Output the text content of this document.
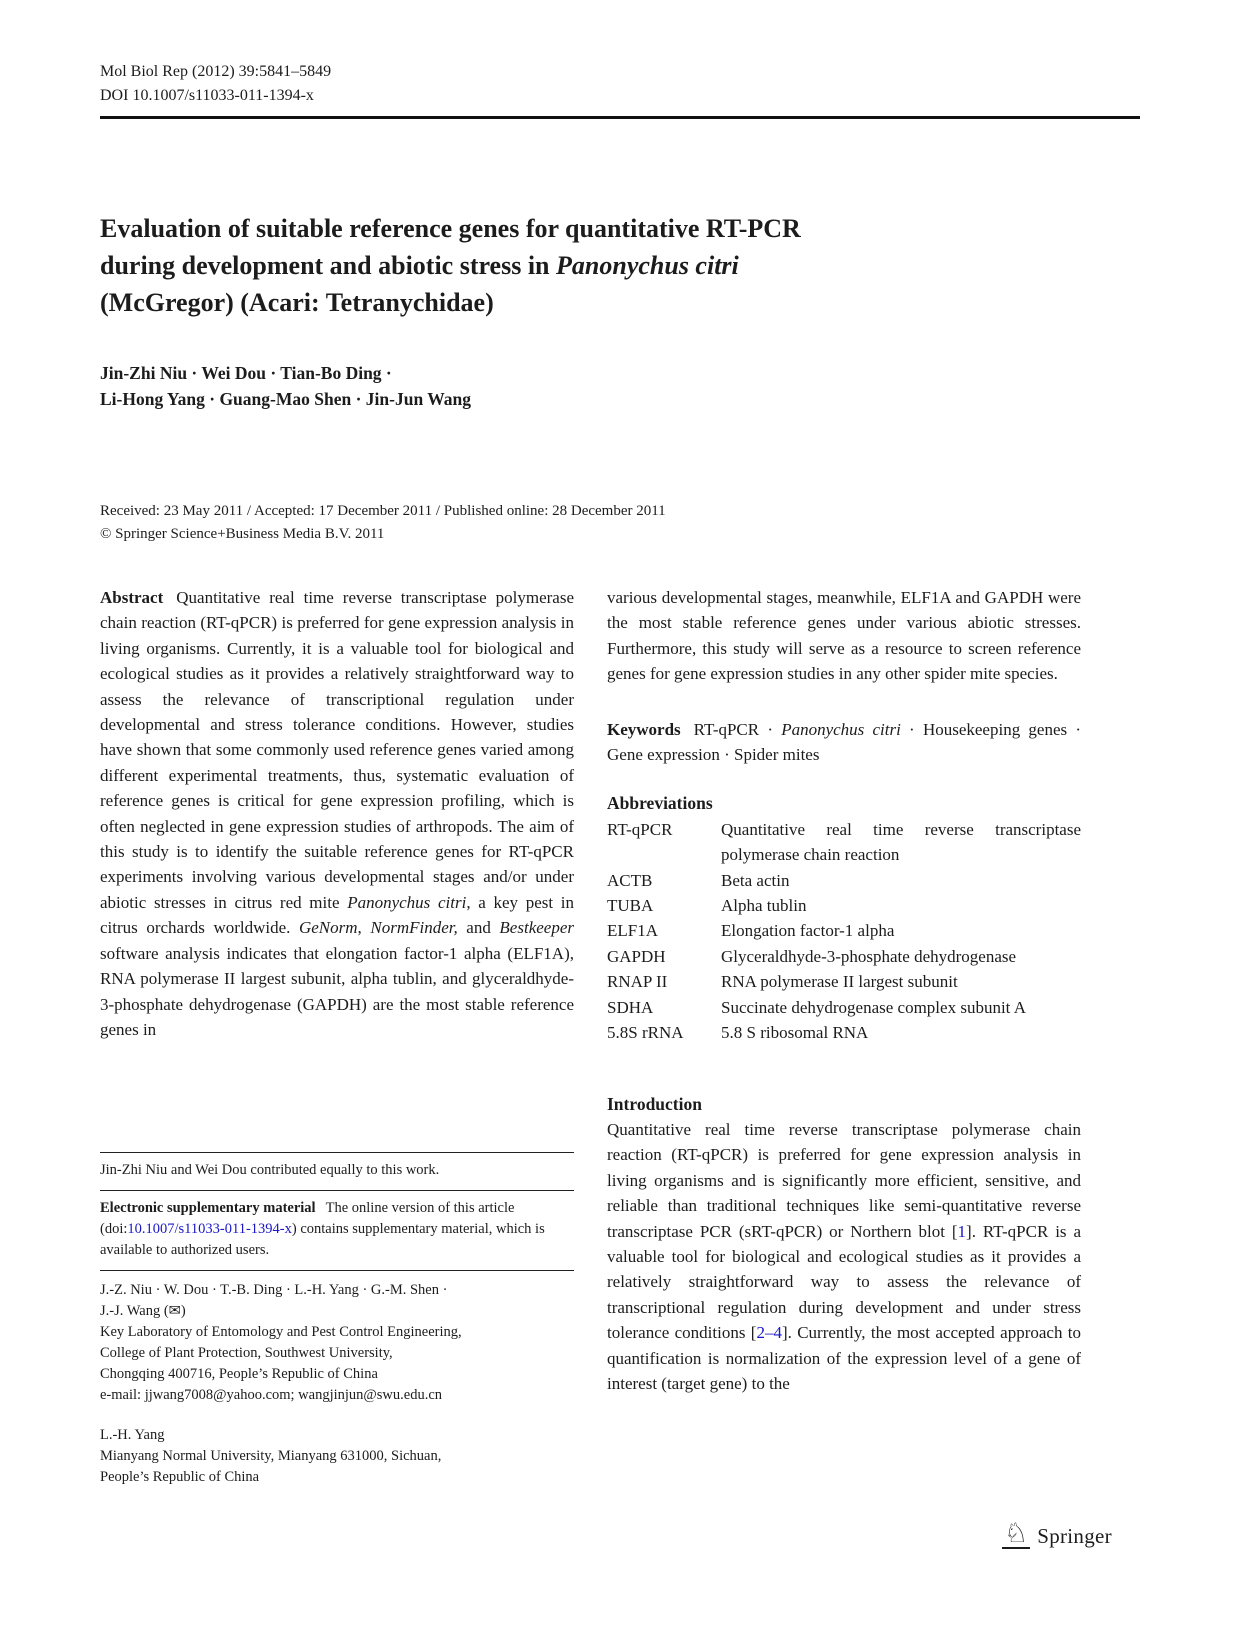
Mol Biol Rep (2012) 39:5841–5849
DOI 10.1007/s11033-011-1394-x
Evaluation of suitable reference genes for quantitative RT-PCR
during development and abiotic stress in Panonychus citri
(McGregor) (Acari: Tetranychidae)
Jin-Zhi Niu · Wei Dou · Tian-Bo Ding ·
Li-Hong Yang · Guang-Mao Shen · Jin-Jun Wang
Received: 23 May 2011 / Accepted: 17 December 2011 / Published online: 28 December 2011
© Springer Science+Business Media B.V. 2011

Abstract Quantitative real time reverse transcriptase polymerase chain reaction (RT-qPCR) is preferred for gene expression analysis in living organisms. Currently, it is a valuable tool for biological and ecological studies as it provides a relatively straightforward way to assess the relevance of transcriptional regulation under developmental and stress tolerance conditions. However, studies have shown that some commonly used reference genes varied among different experimental treatments, thus, systematic evaluation of reference genes is critical for gene expression profiling, which is often neglected in gene expression studies of arthropods. The aim of this study is to identify the suitable reference genes for RT-qPCR experiments involving various developmental stages and/or under abiotic stresses in citrus red mite Panonychus citri, a key pest in citrus orchards worldwide. GeNorm, NormFinder, and Bestkeeper software analysis indicates that elongation factor-1 alpha (ELF1A), RNA polymerase II largest subunit, alpha tublin, and glyceraldhyde-3-phosphate dehydrogenase (GAPDH) are the most stable reference genes in

various developmental stages, meanwhile, ELF1A and GAPDH were the most stable reference genes under various abiotic stresses. Furthermore, this study will serve as a resource to screen reference genes for gene expression studies in any other spider mite species.

Keywords RT-qPCR · Panonychus citri · Housekeeping genes · Gene expression · Spider mites

Abbreviations
RT-qPCR	Quantitative real time reverse transcriptase polymerase chain reaction
ACTB	Beta actin
TUBA	Alpha tublin
ELF1A	Elongation factor-1 alpha
GAPDH	Glyceraldhyde-3-phosphate dehydrogenase
RNAP II	RNA polymerase II largest subunit
SDHA	Succinate dehydrogenase complex subunit A
5.8S rRNA	5.8 S ribosomal RNA
Introduction

Quantitative real time reverse transcriptase polymerase chain reaction (RT-qPCR) is preferred for gene expression analysis in living organisms and is significantly more efficient, sensitive, and reliable than traditional techniques like semi-quantitative reverse transcriptase PCR (sRT-qPCR) or Northern blot [1]. RT-qPCR is a valuable tool for biological and ecological studies as it provides a relatively straightforward way to assess the relevance of transcriptional regulation during development and under stress tolerance conditions [2–4]. Currently, the most accepted approach to quantification is normalization of the expression level of a gene of interest (target gene) to the

Jin-Zhi Niu and Wei Dou contributed equally to this work.

Electronic supplementary material The online version of this article (doi:10.1007/s11033-011-1394-x) contains supplementary material, which is available to authorized users.

J.-Z. Niu · W. Dou · T.-B. Ding · L.-H. Yang · G.-M. Shen ·
J.-J. Wang (✉)
Key Laboratory of Entomology and Pest Control Engineering,
College of Plant Protection, Southwest University,
Chongqing 400716, People’s Republic of China
e-mail: jjwang7008@yahoo.com; wangjinjun@swu.edu.cn
L.-H. Yang
Mianyang Normal University, Mianyang 631000, Sichuan,
People’s Republic of China
♘ Springer
